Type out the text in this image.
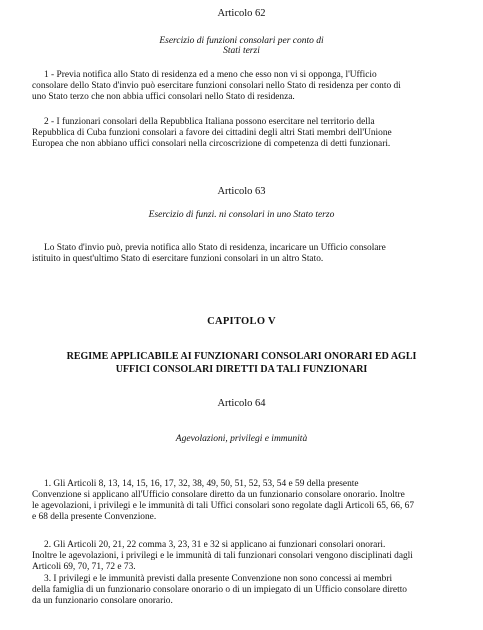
Articolo 62
Esercizio di funzioni consolari per conto di
Stati terzi
1 - Previa notifica allo Stato di residenza ed a meno che esso non vi si opponga, l'Ufficio
consolare dello Stato d'invio può esercitare funzioni consolari nello Stato di residenza per conto di
uno Stato terzo che non abbia uffici consolari nello Stato di residenza.
2 - I funzionari consolari della Repubblica Italiana possono esercitare nel territorio della
Repubblica di Cuba funzioni consolari a favore dei cittadini degli altri Stati membri dell'Unione
Europea che non abbiano uffici consolari nella circoscrizione di competenza di detti funzionari.
Articolo 63
Esercizio di funzi. ni consolari in uno Stato terzo
Lo Stato d'invio può, previa notifica allo Stato di residenza, incaricare un Ufficio consolare
istituito in quest'ultimo Stato di esercitare funzioni consolari in un altro Stato.
CAPITOLO V
REGIME APPLICABILE AI FUNZIONARI CONSOLARI ONORARI ED AGLI
UFFICI CONSOLARI DIRETTI DA TALI FUNZIONARI
Articolo 64
Agevolazioni, privilegi e immunità
1. Gli Articoli 8, 13, 14, 15, 16, 17, 32, 38, 49, 50, 51, 52, 53, 54 e 59 della presente
Convenzione si applicano all'Ufficio consolare diretto da un funzionario consolare onorario. Inoltre
le agevolazioni, i privilegi e le immunità di tali Uffici consolari sono regolate dagli Articoli 65, 66, 67
e 68 della presente Convenzione.
2. Gli Articoli 20, 21, 22 comma 3, 23, 31 e 32 si applicano ai funzionari consolari onorari.
Inoltre le agevolazioni, i privilegi e le immunità di tali funzionari consolari vengono disciplinati dagli
Articoli 69, 70, 71, 72 e 73.
3. I privilegi e le immunità previsti dalla presente Convenzione non sono concessi ai membri
della famiglia di un funzionario consolare onorario o di un impiegato di un Ufficio consolare diretto
da un funzionario consolare onorario.
